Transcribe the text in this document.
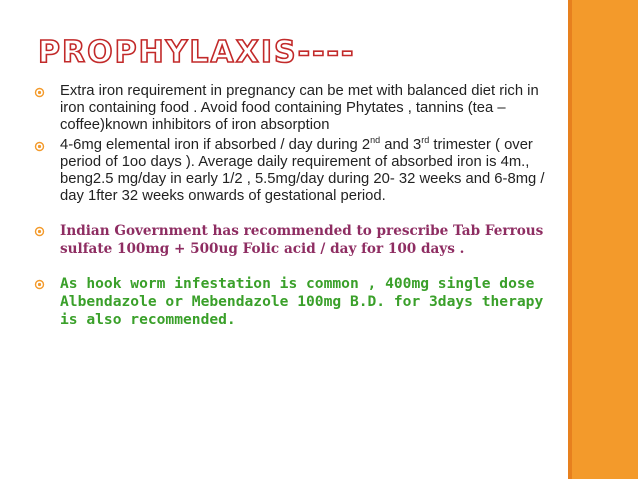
PROPHYLAXIS----
Extra iron requirement in pregnancy can be met with balanced diet rich in iron containing food . Avoid food containing Phytates , tannins (tea –coffee)known inhibitors of iron absorption
4-6mg elemental iron if absorbed / day during 2nd and 3rd trimester ( over period of 1oo days ). Average daily requirement of absorbed iron is 4m., beng2.5 mg/day in early 1/2 , 5.5mg/day during 20- 32 weeks and 6-8mg / day 1fter 32 weeks onwards of gestational period.
Indian Government has recommended to prescribe Tab Ferrous sulfate 100mg + 500ug Folic acid / day for 100 days .
As hook worm infestation is common , 400mg single dose Albendazole or Mebendazole 100mg B.D. for 3days therapy is also recommended.
